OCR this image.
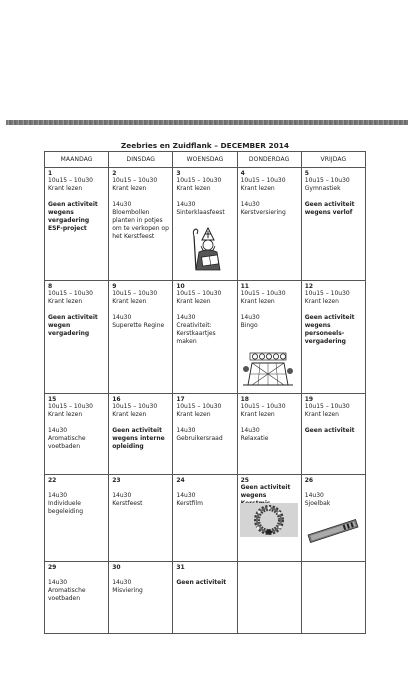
Zeebries en Zuidflank – DECEMBER 2014
MAANDAG	DINSDAG	WOENSDAG	DONDERDAG	VRIJDAG

1
10u15 – 10u30
Krant lezen
Geen activiteit wegens vergadering ESF-project	2
10u15 – 10u30
Krant lezen
14u30
Bloembollen planten in potjes om te verkopen op het Kerstfeest	3
10u15 – 10u30
Krant lezen
14u30
Sinterklaasfeest	4
10u15 – 10u30
Krant lezen
14u30
Kerstversiering	5
10u15 – 10u30
Gymnastiek
Geen activiteit wegens verlof

8
10u15 – 10u30
Krant lezen
Geen activiteit wegen vergadering	9
10u15 – 10u30
Krant lezen
14u30
Superette Regine	10
10u15 – 10u30
Krant lezen
14u30
Creativiteit: Kerstkaartjes maken	11
10u15 – 10u30
Krant lezen
14u30
Bingo	12
10u15 – 10u30
Krant lezen
Geen activiteit wegens personeels-vergadering

15
10u15 – 10u30
Krant lezen
14u30
Aromatische voetbaden	16
10u15 – 10u30
Krant lezen
Geen activiteit wegens interne opleiding	17
10u15 – 10u30
Krant lezen
14u30
Gebruikersraad	18
10u15 – 10u30
Krant lezen
14u30
Relaxatie	19
10u15 – 10u30
Krant lezen
Geen activiteit

22
14u30
Individuele begeleiding	23
14u30
Kerstfeest	24
14u30
Kerstfilm	25
Geen activiteit wegens	26
14u30
Sjoelbak

29
14u30
Aromatische voetbaden	30
14u30
Misviering	31
Geen activiteit		
